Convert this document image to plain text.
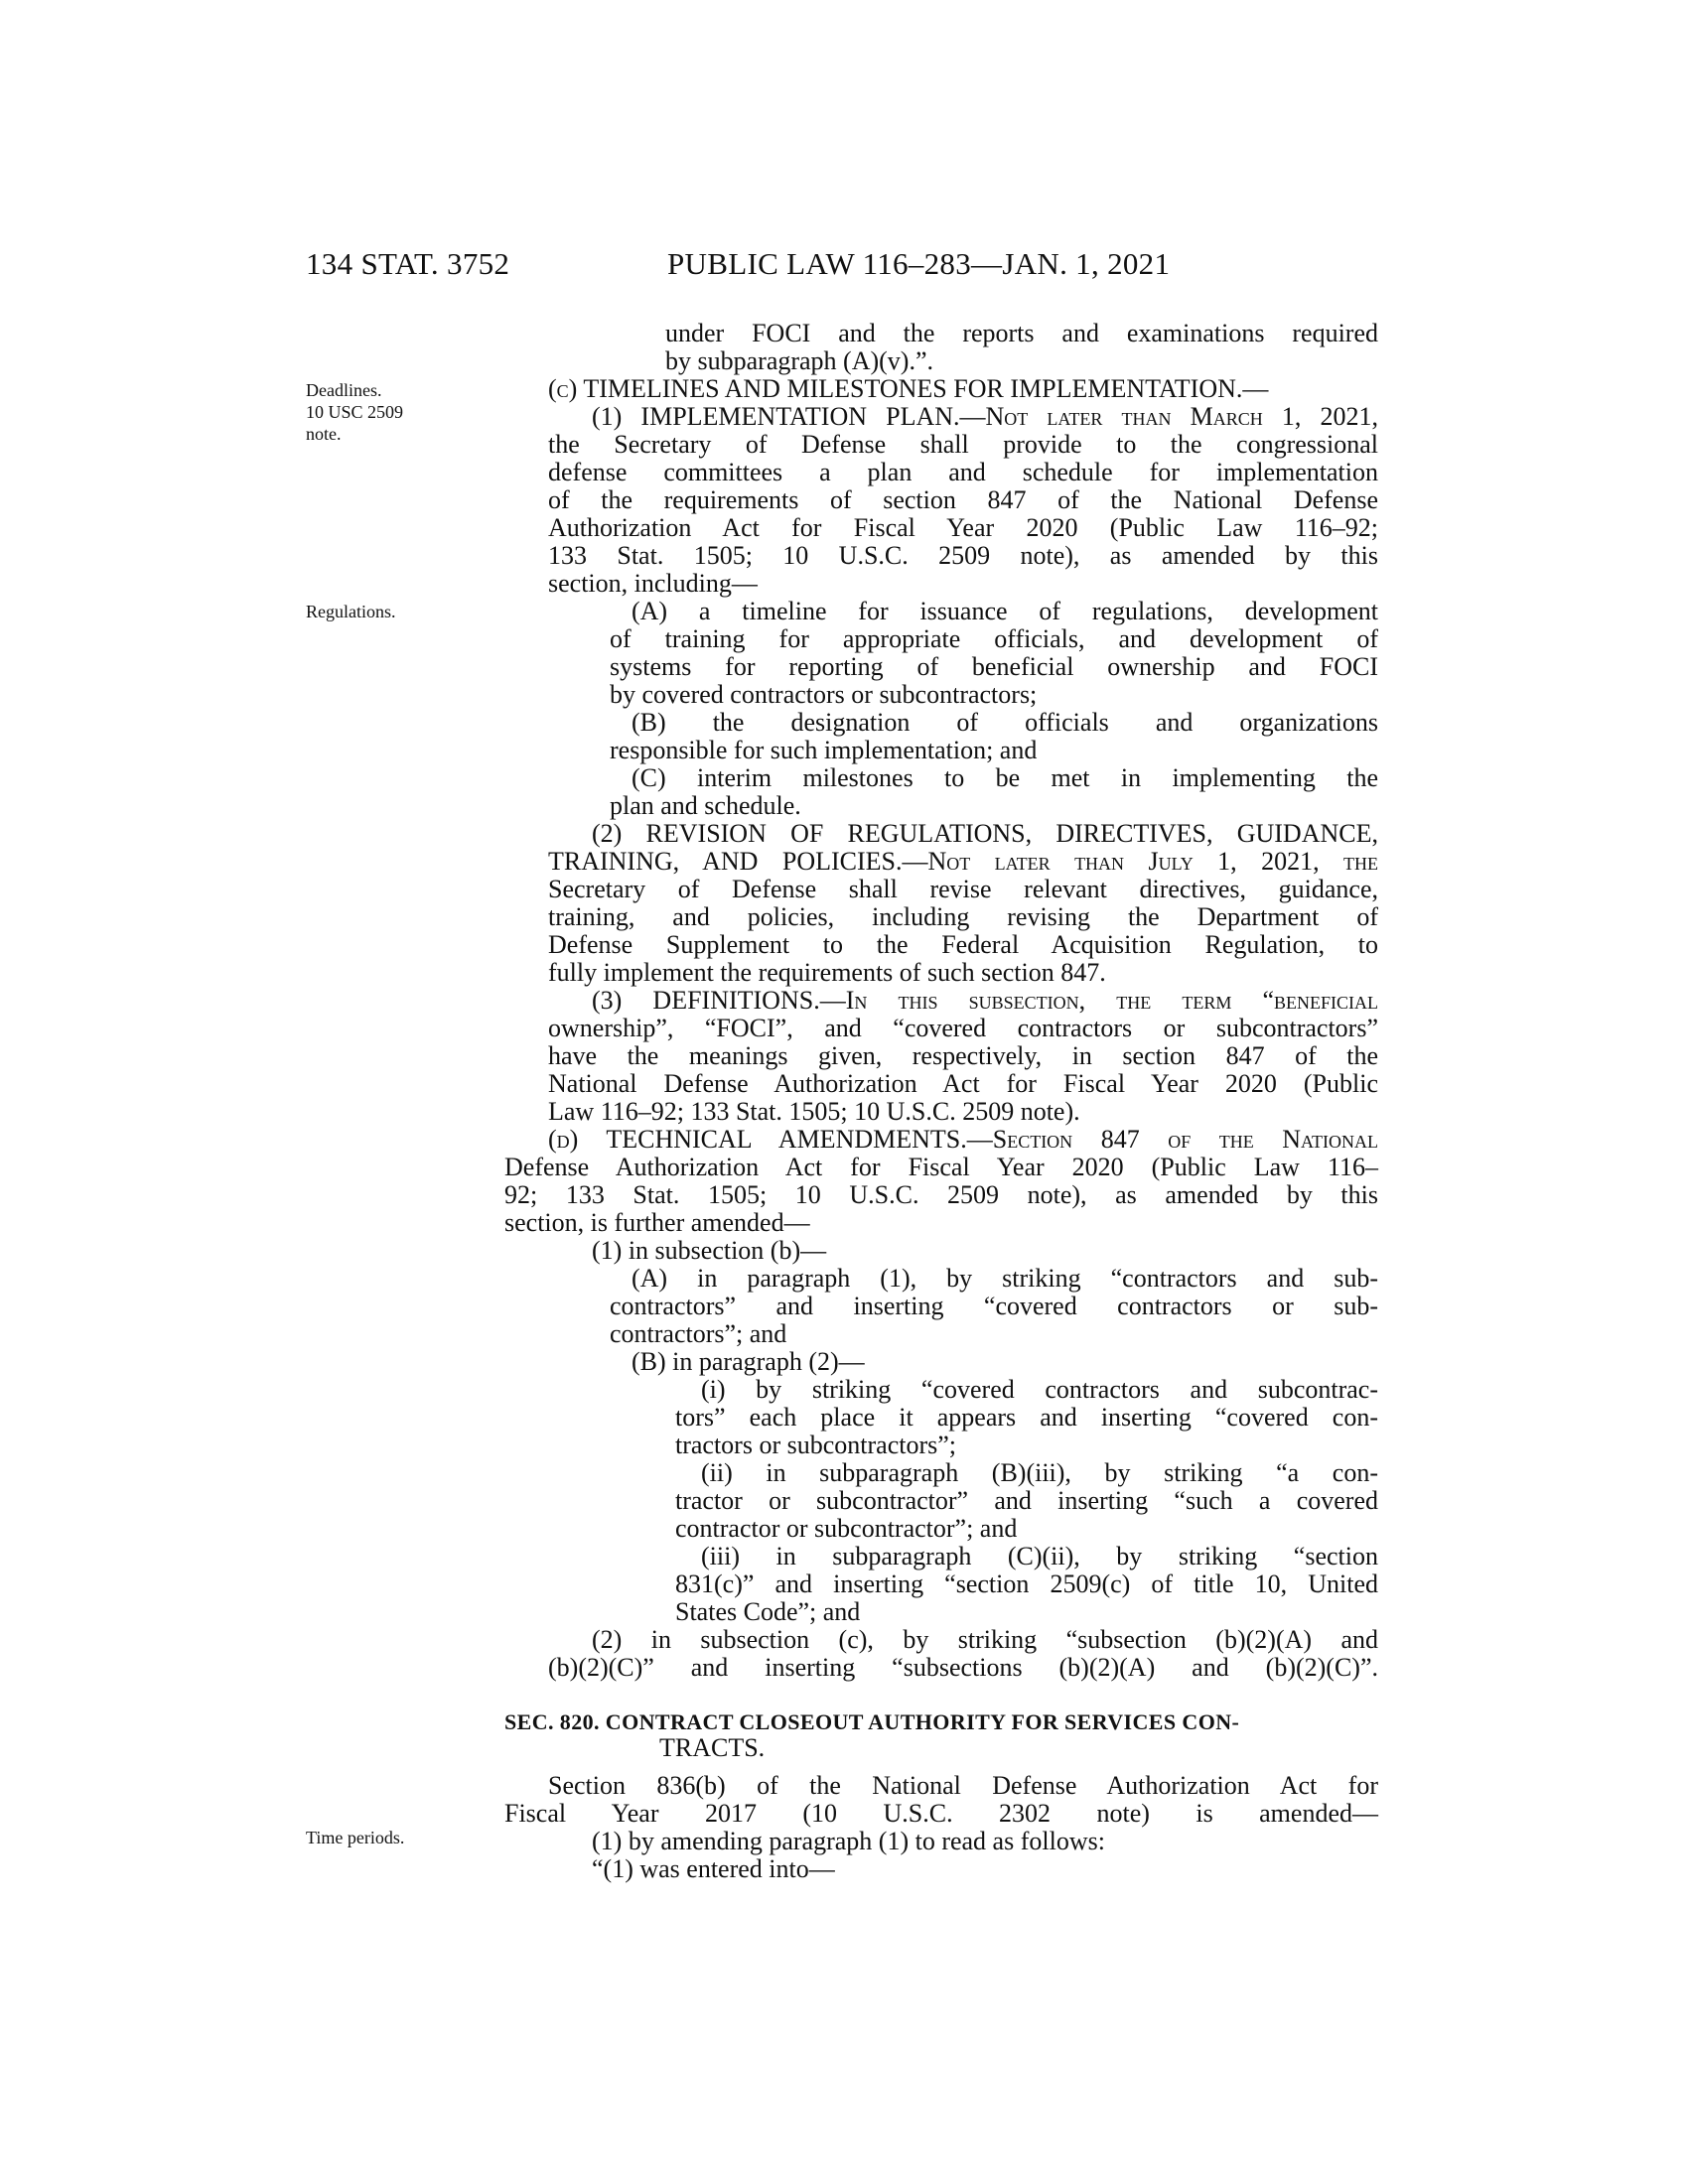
134 STAT. 3752	PUBLIC LAW 116–283—JAN. 1, 2021
Deadlines.
10 USC 2509
note.
Regulations.
Time periods.
under FOCI and the reports and examinations required
by subparagraph (A)(v).”.
(c) TIMELINES AND MILESTONES FOR IMPLEMENTATION.—
(1) IMPLEMENTATION PLAN.—Not later than March 1, 2021,
the Secretary of Defense shall provide to the congressional
defense committees a plan and schedule for implementation
of the requirements of section 847 of the National Defense
Authorization Act for Fiscal Year 2020 (Public Law 116–92;
133 Stat. 1505; 10 U.S.C. 2509 note), as amended by this
section, including—
(A) a timeline for issuance of regulations, development
of training for appropriate officials, and development of
systems for reporting of beneficial ownership and FOCI
by covered contractors or subcontractors;
(B) the designation of officials and organizations
responsible for such implementation; and
(C) interim milestones to be met in implementing the
plan and schedule.
(2) REVISION OF REGULATIONS, DIRECTIVES, GUIDANCE,
TRAINING, AND POLICIES.—Not later than July 1, 2021, the
Secretary of Defense shall revise relevant directives, guidance,
training, and policies, including revising the Department of
Defense Supplement to the Federal Acquisition Regulation, to
fully implement the requirements of such section 847.
(3) DEFINITIONS.—In this subsection, the term “beneficial
ownership”, “FOCI”, and “covered contractors or subcontractors”
have the meanings given, respectively, in section 847 of the
National Defense Authorization Act for Fiscal Year 2020 (Public
Law 116–92; 133 Stat. 1505; 10 U.S.C. 2509 note).
(d) TECHNICAL AMENDMENTS.—Section 847 of the National
Defense Authorization Act for Fiscal Year 2020 (Public Law 116–
92; 133 Stat. 1505; 10 U.S.C. 2509 note), as amended by this
section, is further amended—
(1) in subsection (b)—
(A) in paragraph (1), by striking “contractors and sub-
contractors” and inserting “covered contractors or sub-
contractors”; and
(B) in paragraph (2)—
(i) by striking “covered contractors and subcontrac-
tors” each place it appears and inserting “covered con-
tractors or subcontractors”;
(ii) in subparagraph (B)(iii), by striking “a con-
tractor or subcontractor” and inserting “such a covered
contractor or subcontractor”; and
(iii) in subparagraph (C)(ii), by striking “section
831(c)” and inserting “section 2509(c) of title 10, United
States Code”; and
(2) in subsection (c), by striking “subsection (b)(2)(A) and
(b)(2)(C)” and inserting “subsections (b)(2)(A) and (b)(2)(C)”.
SEC. 820. CONTRACT CLOSEOUT AUTHORITY FOR SERVICES CON-
TRACTS.
Section 836(b) of the National Defense Authorization Act for
Fiscal Year 2017 (10 U.S.C. 2302 note) is amended—
(1) by amending paragraph (1) to read as follows:
“(1) was entered into—
